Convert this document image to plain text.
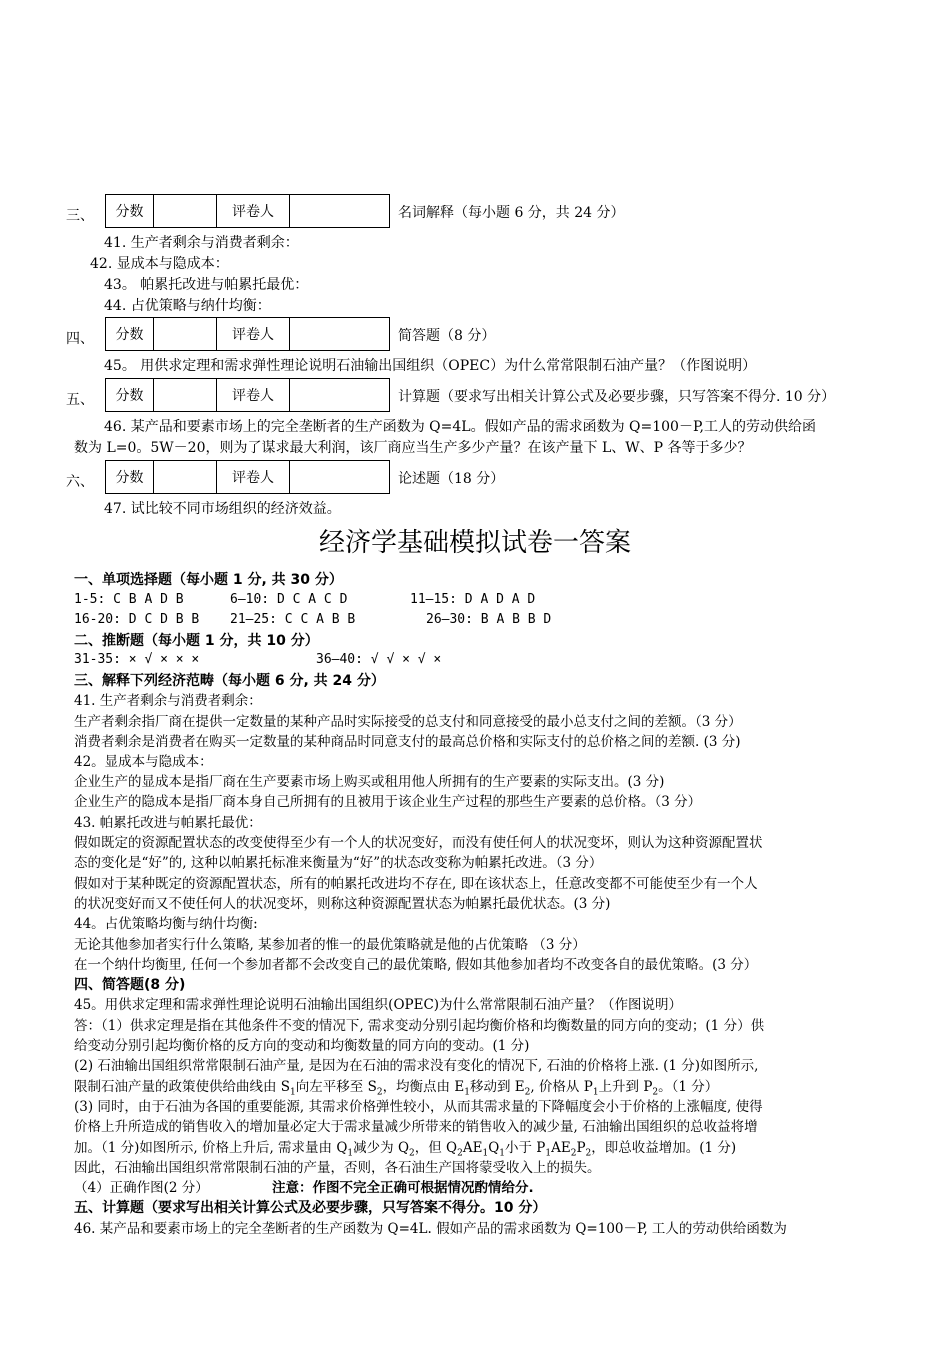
三、	分数	评卷人	名词解释（每小题 6 分，共 24 分）
41. 生产者剩余与消费者剩余：
42. 显成本与隐成本：
43。 帕累托改进与帕累托最优：
44. 占优策略与纳什均衡：
四、	分数	评卷人	简答题（8 分）
45。 用供求定理和需求弹性理论说明石油输出国组织（OPEC）为什么常常限制石油产量？（作图说明）
五、	分数	评卷人	计算题（要求写出相关计算公式及必要步骤，只写答案不得分. 10 分）
46. 某产品和要素市场上的完全垄断者的生产函数为 Q=4L。假如产品的需求函数为 Q=100－P,工人的劳动供给函
数为 L=0。5W－20，则为了谋求最大利润，该厂商应当生产多少产量？在该产量下 L、W、P 各等于多少？
六、	分数	评卷人	论述题（18 分）
47. 试比较不同市场组织的经济效益。
经济学基础模拟试卷一答案
一、单项选择题（每小题 1 分, 共 30 分）
1-5: C B A D B	6—10: D C A C D	11—15: D A D A D
16-20: D C D B B 21—25: C C A B B	26—30: B A B B D
二、推断题（每小题 1 分，共 10 分）
31-35: × √ × × ×	36—40: √ √ × √ ×
三、解释下列经济范畴（每小题 6 分, 共 24 分）
41. 生产者剩余与消费者剩余：
生产者剩余指厂商在提供一定数量的某种产品时实际接受的总支付和同意接受的最小总支付之间的差额。（3 分）
消费者剩余是消费者在购买一定数量的某种商品时同意支付的最高总价格和实际支付的总价格之间的差额. (3 分)
42。显成本与隐成本：
企业生产的显成本是指厂商在生产要素市场上购买或租用他人所拥有的生产要素的实际支出。(3 分)
企业生产的隐成本是指厂商本身自己所拥有的且被用于该企业生产过程的那些生产要素的总价格。（3 分）
43. 帕累托改进与帕累托最优：
假如既定的资源配置状态的改变使得至少有一个人的状况变好，而没有使任何人的状况变坏，则认为这种资源配置状
态的变化是“好”的, 这种以帕累托标准来衡量为“好”的状态改变称为帕累托改进。（3 分）
假如对于某种既定的资源配置状态，所有的帕累托改进均不存在, 即在该状态上，任意改变都不可能使至少有一个人
的状况变好而又不使任何人的状况变坏，则称这种资源配置状态为帕累托最优状态。(3 分)
44。占优策略均衡与纳什均衡:
无论其他参加者实行什么策略, 某参加者的惟一的最优策略就是他的占优策略 （3 分）
在一个纳什均衡里, 任何一个参加者都不会改变自己的最优策略, 假如其他参加者均不改变各自的最优策略。(3 分）
四、简答题(8 分)
45。用供求定理和需求弹性理论说明石油输出国组织(OPEC)为什么常常限制石油产量？（作图说明）
答：（1）供求定理是指在其他条件不变的情况下, 需求变动分别引起均衡价格和均衡数量的同方向的变动；(1 分）供
给变动分别引起均衡价格的反方向的变动和均衡数量的同方向的变动。(1 分)
(2) 石油输出国组织常常限制石油产量, 是因为在石油的需求没有变化的情况下, 石油的价格将上涨. (1 分)如图所示,
限制石油产量的政策使供给曲线由 $S_1$向左平移至 $S_2$，均衡点由 $E_1$移动到 $E_2$, 价格从 $P_1$上升到 $P_2$。（1 分）
(3) 同时，由于石油为各国的重要能源, 其需求价格弹性较小，从而其需求量的下降幅度会小于价格的上涨幅度, 使得
价格上升所造成的销售收入的增加量必定大于需求量减少所带来的销售收入的减少量, 石油输出国组织的总收益将增
加。（1 分)如图所示, 价格上升后, 需求量由 $Q_1$减少为 $Q_2$，但 $Q_2AE_1Q_1$小于 $P_1AE_2P_2$，即总收益增加。(1 分)
因此，石油输出国组织常常限制石油的产量，否则，各石油生产国将蒙受收入上的损失。
（4）正确作图(2 分）	注意：作图不完全正确可根据情况酌情给分.
五、计算题（要求写出相关计算公式及必要步骤，只写答案不得分。10 分）
46. 某产品和要素市场上的完全垄断者的生产函数为 Q=4L. 假如产品的需求函数为 Q=100－P, 工人的劳动供给函数为
